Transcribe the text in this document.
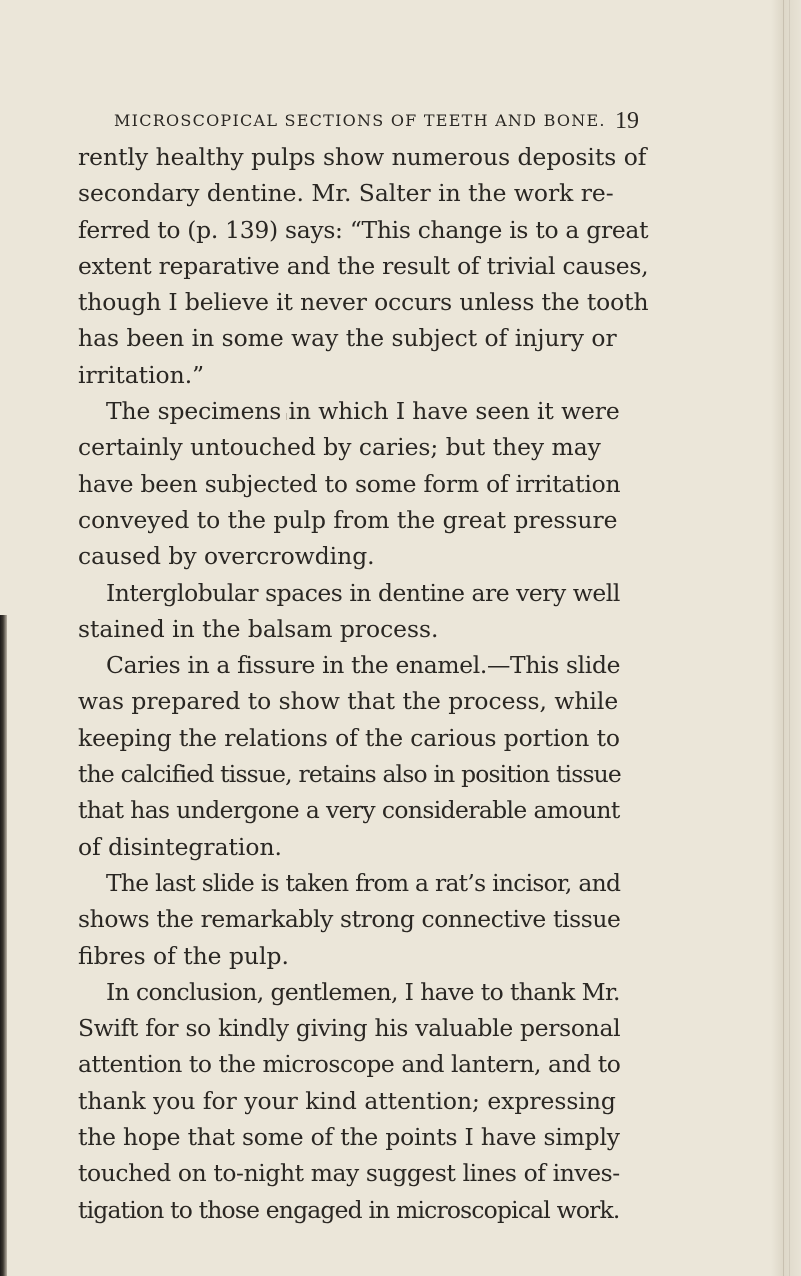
MICROSCOPICAL SECTIONS OF TEETH AND BONE. 19
rently healthy pulps show numerous deposits of
secondary dentine. Mr. Salter in the work re-
ferred to (p. 139) says: “This change is to a great
extent reparative and the result of trivial causes,
though I believe it never occurs unless the tooth
has been in some way the subject of injury or
irritation.”
The specimens in which I have seen it were
certainly untouched by caries; but they may
have been subjected to some form of irritation
conveyed to the pulp from the great pressure
caused by overcrowding.
Interglobular spaces in dentine are very well
stained in the balsam process.
Caries in a fissure in the enamel.—This slide
was prepared to show that the process, while
keeping the relations of the carious portion to
the calcified tissue, retains also in position tissue
that has undergone a very considerable amount
of disintegration.
The last slide is taken from a rat’s incisor, and
shows the remarkably strong connective tissue
fibres of the pulp.
In conclusion, gentlemen, I have to thank Mr.
Swift for so kindly giving his valuable personal
attention to the microscope and lantern, and to
thank you for your kind attention; expressing
the hope that some of the points I have simply
touched on to-night may suggest lines of inves-
tigation to those engaged in microscopical work.
